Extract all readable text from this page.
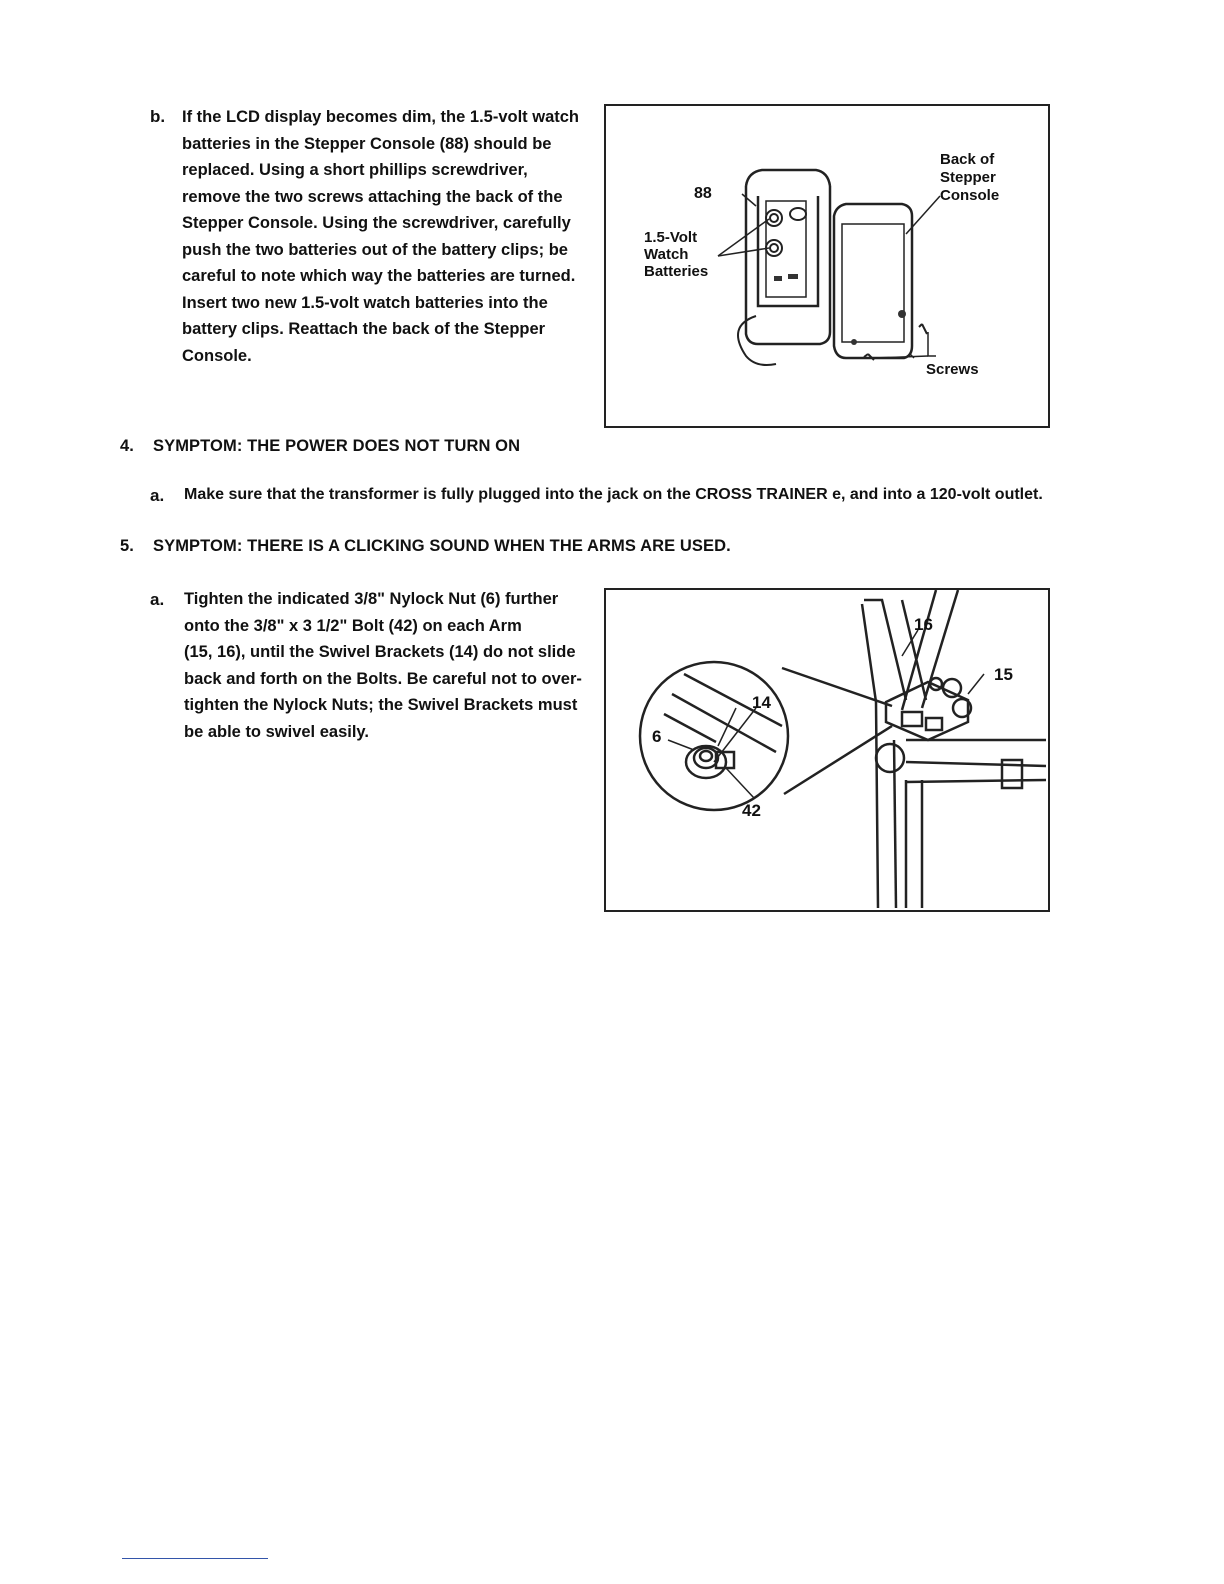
b. If the LCD display becomes dim, the 1.5-volt watch
batteries in the Stepper Console (88) should be
replaced. Using a short phillips screwdriver,
remove the two screws attaching the back of the
Stepper Console. Using the screwdriver, carefully
push the two batteries out of the battery clips; be
careful to note which way the batteries are turned.
Insert two new 1.5-volt watch batteries into the
battery clips. Reattach the back of the Stepper
Console.
88
1.5-Volt
Watch
Batteries
Back of
Stepper
Console
Screws
4. SYMPTOM: THE POWER DOES NOT TURN ON
a. Make sure that the transformer is fully plugged into the jack on the CROSS TRAINER e, and into a 120-volt outlet.
5. SYMPTOM: THERE IS A CLICKING SOUND WHEN THE ARMS ARE USED.
a. Tighten the indicated 3/8" Nylock Nut (6) further
onto the 3/8" x 3 1/2" Bolt (42) on each Arm
(15, 16), until the Swivel Brackets (14) do not slide
back and forth on the Bolts. Be careful not to over-
tighten the Nylock Nuts; the Swivel Brackets must
be able to swivel easily.	6
14
42
16
15
